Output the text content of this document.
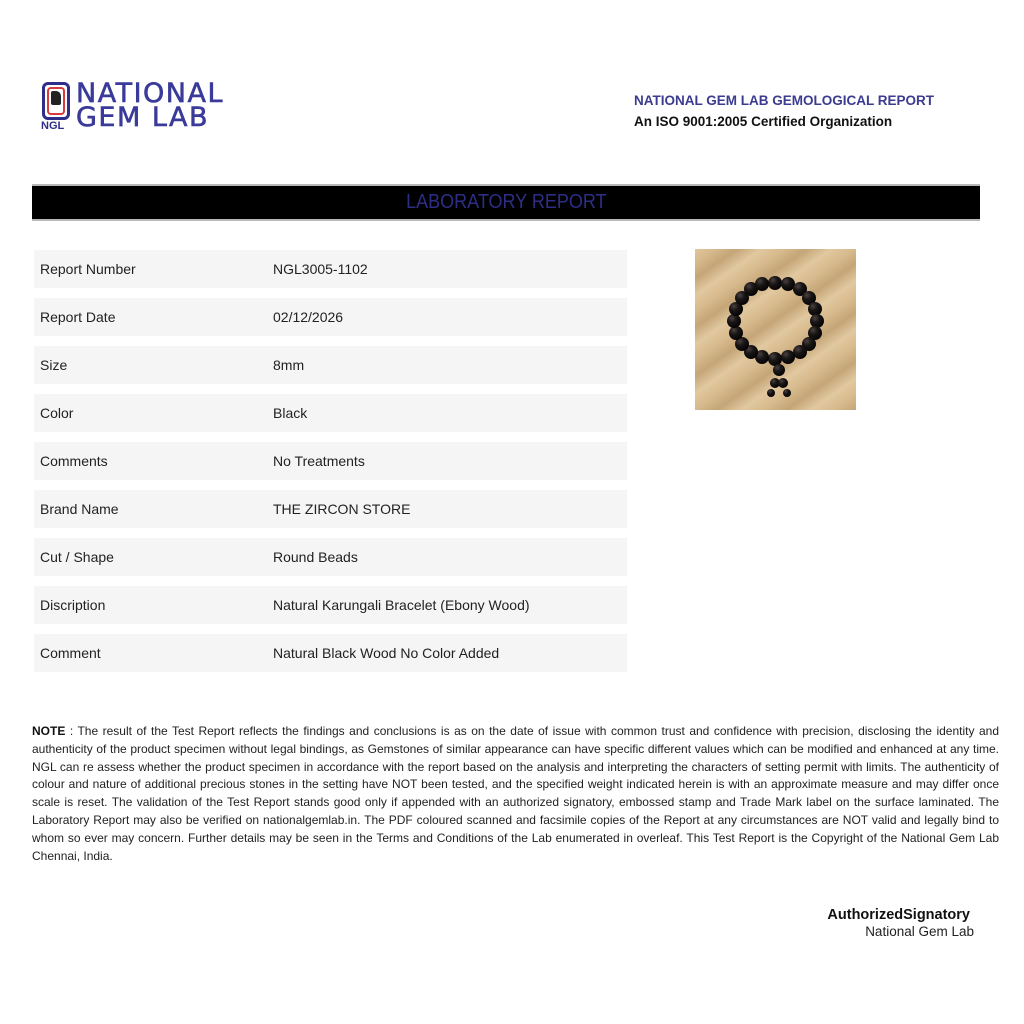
NGL
NATIONAL
GEM LAB
NATIONAL GEM LAB GEMOLOGICAL REPORT
An ISO 9001:2005 Certified Organization
LABORATORY REPORT
Report Number	NGL3005-1102
Report Date	02/12/2026
Size	8mm
Color	Black
Comments	No Treatments
Brand Name	THE ZIRCON STORE
Cut / Shape	Round Beads
Discription	Natural Karungali Bracelet (Ebony Wood)
Comment	Natural Black Wood No Color Added
NOTE : The result of the Test Report reflects the findings and conclusions is as on the date of issue with common trust and confidence with precision, disclosing the identity and authenticity of the product specimen without legal bindings, as Gemstones of similar appearance can have specific different values which can be modified and enhanced at any time. NGL can re assess whether the product specimen in accordance with the report based on the analysis and interpreting the characters of setting permit with limits. The authenticity of colour and nature of additional precious stones in the setting have NOT been tested, and the specified weight indicated herein is with an approximate measure and may differ once scale is reset. The validation of the Test Report stands good only if appended with an authorized signatory, embossed stamp and Trade Mark label on the surface laminated. The Laboratory Report may also be verified on nationalgemlab.in. The PDF coloured scanned and facsimile copies of the Report at any circumstances are NOT valid and legally bind to whom so ever may concern. Further details may be seen in the Terms and Conditions of the Lab enumerated in overleaf. This Test Report is the Copyright of the National Gem Lab Chennai, India.
AuthorizedSignatory
National Gem Lab
